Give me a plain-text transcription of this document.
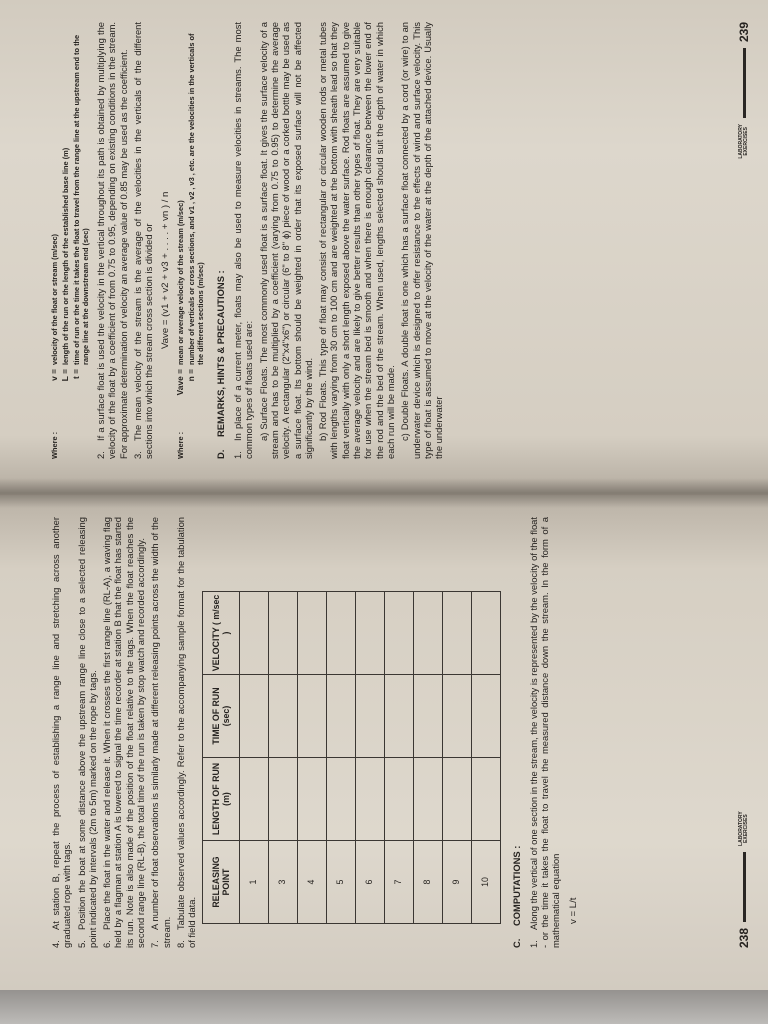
4.At station B, repeat the process of establishing a range line and stretching across another graduated rope with tags. 5.Position the boat at some distance above the upstream range line close to a selected releasing point indicated by intervals (2m to 5m) marked on the rope by tags. 6.Place the float in the water and release it. When it crosses the first range line (RL-A), a waving flag held by a flagman at station A is lowered to signal the time recorder at station B that the float has started its run. Note is also made of the position of the float relative to the tags. When the float reaches the second range line (RL-B), the total time of the run is taken by stop watch and recorded accordingly. 7.A number of float observations is similarly made at different releasing points across the width of the stream. 8.Tabulate observed values accordingly. Refer to the accompanying sample format for the tabulation of field data.

RELEASING POINT	LENGTH OF RUN (m)	TIME OF RUN (sec)	VELOCITY ( m/sec )
1			
3			
4			
5			
6			
7			
8			
9			
10			
C.COMPUTATIONS :

1.Along the vertical of one section in the stream, the velocity is represented by the velocity of the float - or the time it takes the float to travel the measured distance down the stream. In the form of a mathematical equation v = L/t
238
LABORATORY
EXERCISES
Where :
v =
velocity of the float or stream (m/sec)
L =
length of the run or the length of the established base line (m)
t =
time of run or the time it takes the float to travel from the range line at the upstream end to the range line at the downstream end (sec)

2.If a surface float is used the velocity in the vertical throughout its path is obtained by multiplying the velocity of the float by a coefficient of from 0.75 to 0.95, depending on existing conditions in the stream. For approximate determination of velocity an average value of 0.85 may be used as the coefficient. 3.The mean velocity of the stream is the average of the velocities in the verticals of the different sections into which the stream cross section is divided or Vave = (v1 + v2 + v3 + . . . . + vn ) / n
Where :
Vave =
mean or average velocity of the stream (m/sec)
n =
number of verticals or cross sections, and v1 , v2 , v3 , etc. are the velocities in the verticals of the different sections (m/sec)
D.REMARKS, HINTS & PRECAUTIONS :

1.In place of a current meter, floats may also be used to measure velocities in streams. The most common types of floats used are: a) Surface Floats. The most commonly used float is a surface float. It gives the surface velocity of a stream and has to be multiplied by a coefficient (varying from 0.75 to 0.95) to determine the average velocity. A rectangular (2"x4"x6") or circular (6" to 8" ϕ) piece of wood or a corked bottle may be used as a surface float. Its bottom should be weighted in order that its exposed surface will not be affected significantly by the wind. b) Rod Floats. This type of float may consist of rectangular or circular wooden rods or metal tubes with lengths varying from 30 cm to 100 cm and are weighted at the bottom with sheath lead so that they float vertically with only a short length exposed above the water surface. Rod floats are assumed to give the average velocity and are likely to give better results than other types of float. They are very suitable for use when the stream bed is smooth and when there is enough clearance between the lower end of the rod and the bed of the stream. When used, lengths selected should suit the depth of water in which each run will be made. c) Double Floats. A double float is one which has a surface float connected by a cord (or wire) to an underwater device which is designed to offer resistance to the effects of wind and surface velocity. This type of float is assumed to move at the velocity of the water at the depth of the attached device. Usually the underwater

LABORATORY
EXERCISES
239
